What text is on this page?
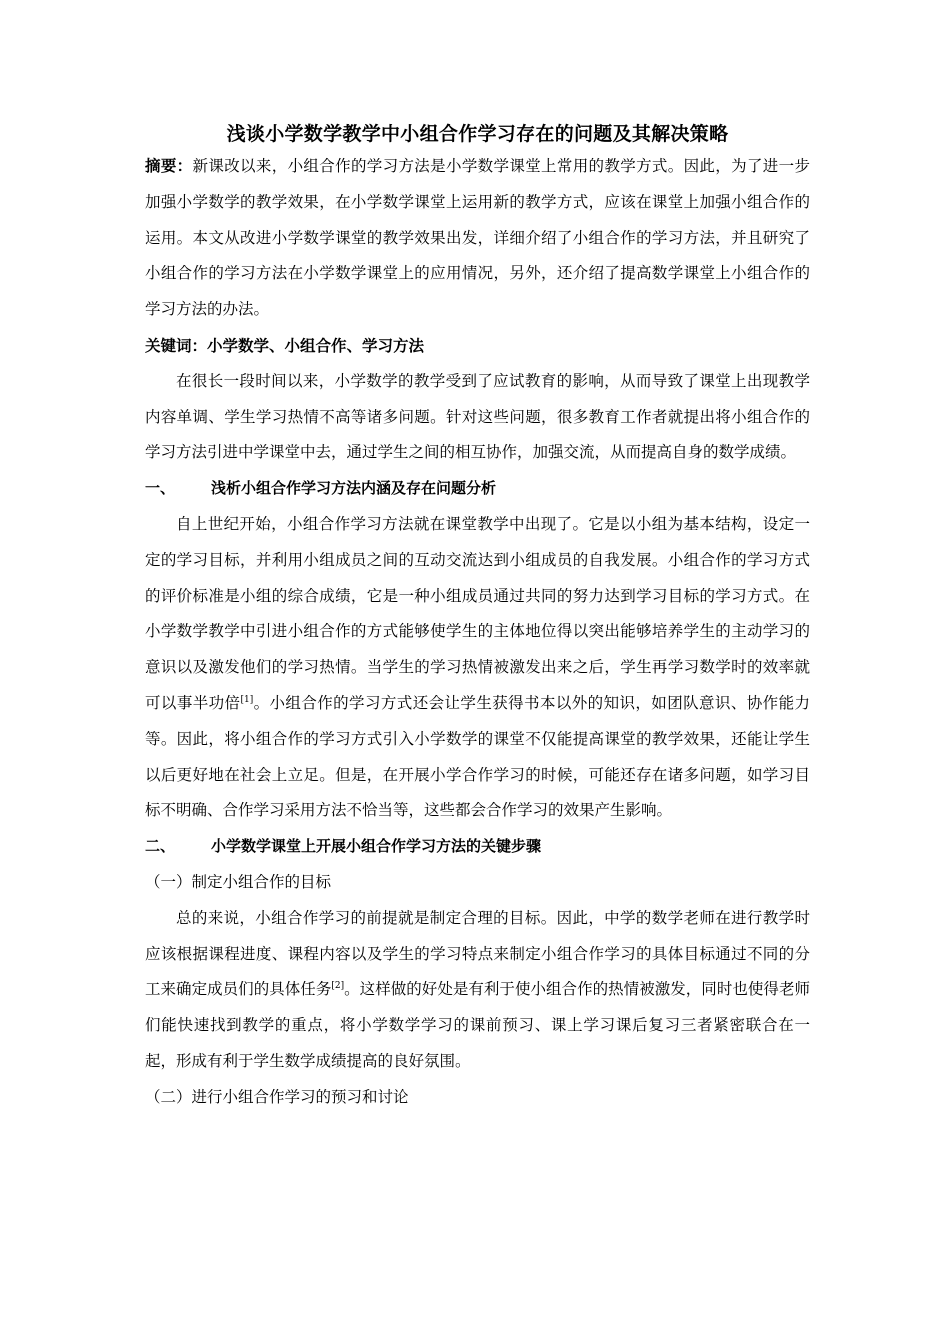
浅谈小学数学教学中小组合作学习存在的问题及其解决策略

摘要：新课改以来，小组合作的学习方法是小学数学课堂上常用的教学方式。因此，为了进一步加强小学数学的教学效果，在小学数学课堂上运用新的教学方式，应该在课堂上加强小组合作的运用。本文从改进小学数学课堂的教学效果出发，详细介绍了小组合作的学习方法，并且研究了小组合作的学习方法在小学数学课堂上的应用情况，另外，还介绍了提高数学课堂上小组合作的学习方法的办法。

关键词：小学数学、小组合作、学习方法

在很长一段时间以来，小学数学的教学受到了应试教育的影响，从而导致了课堂上出现教学内容单调、学生学习热情不高等诸多问题。针对这些问题，很多教育工作者就提出将小组合作的学习方法引进中学课堂中去，通过学生之间的相互协作，加强交流，从而提高自身的数学成绩。

一、	浅析小组合作学习方法内涵及存在问题分析

自上世纪开始，小组合作学习方法就在课堂教学中出现了。它是以小组为基本结构，设定一定的学习目标，并利用小组成员之间的互动交流达到小组成员的自我发展。小组合作的学习方式的评价标准是小组的综合成绩，它是一种小组成员通过共同的努力达到学习目标的学习方式。在小学数学教学中引进小组合作的方式能够使学生的主体地位得以突出能够培养学生的主动学习的意识以及激发他们的学习热情。当学生的学习热情被激发出来之后，学生再学习数学时的效率就可以事半功倍[1]。小组合作的学习方式还会让学生获得书本以外的知识，如团队意识、协作能力等。因此，将小组合作的学习方式引入小学数学的课堂不仅能提高课堂的教学效果，还能让学生以后更好地在社会上立足。但是，在开展小学合作学习的时候，可能还存在诸多问题，如学习目标不明确、合作学习采用方法不恰当等，这些都会合作学习的效果产生影响。

二、	小学数学课堂上开展小组合作学习方法的关键步骤
（一）制定小组合作的目标

总的来说，小组合作学习的前提就是制定合理的目标。因此，中学的数学老师在进行教学时应该根据课程进度、课程内容以及学生的学习特点来制定小组合作学习的具体目标通过不同的分工来确定成员们的具体任务[2]。这样做的好处是有利于使小组合作的热情被激发，同时也使得老师们能快速找到教学的重点，将小学数学学习的课前预习、课上学习课后复习三者紧密联合在一起，形成有利于学生数学成绩提高的良好氛围。

（二）进行小组合作学习的预习和讨论
